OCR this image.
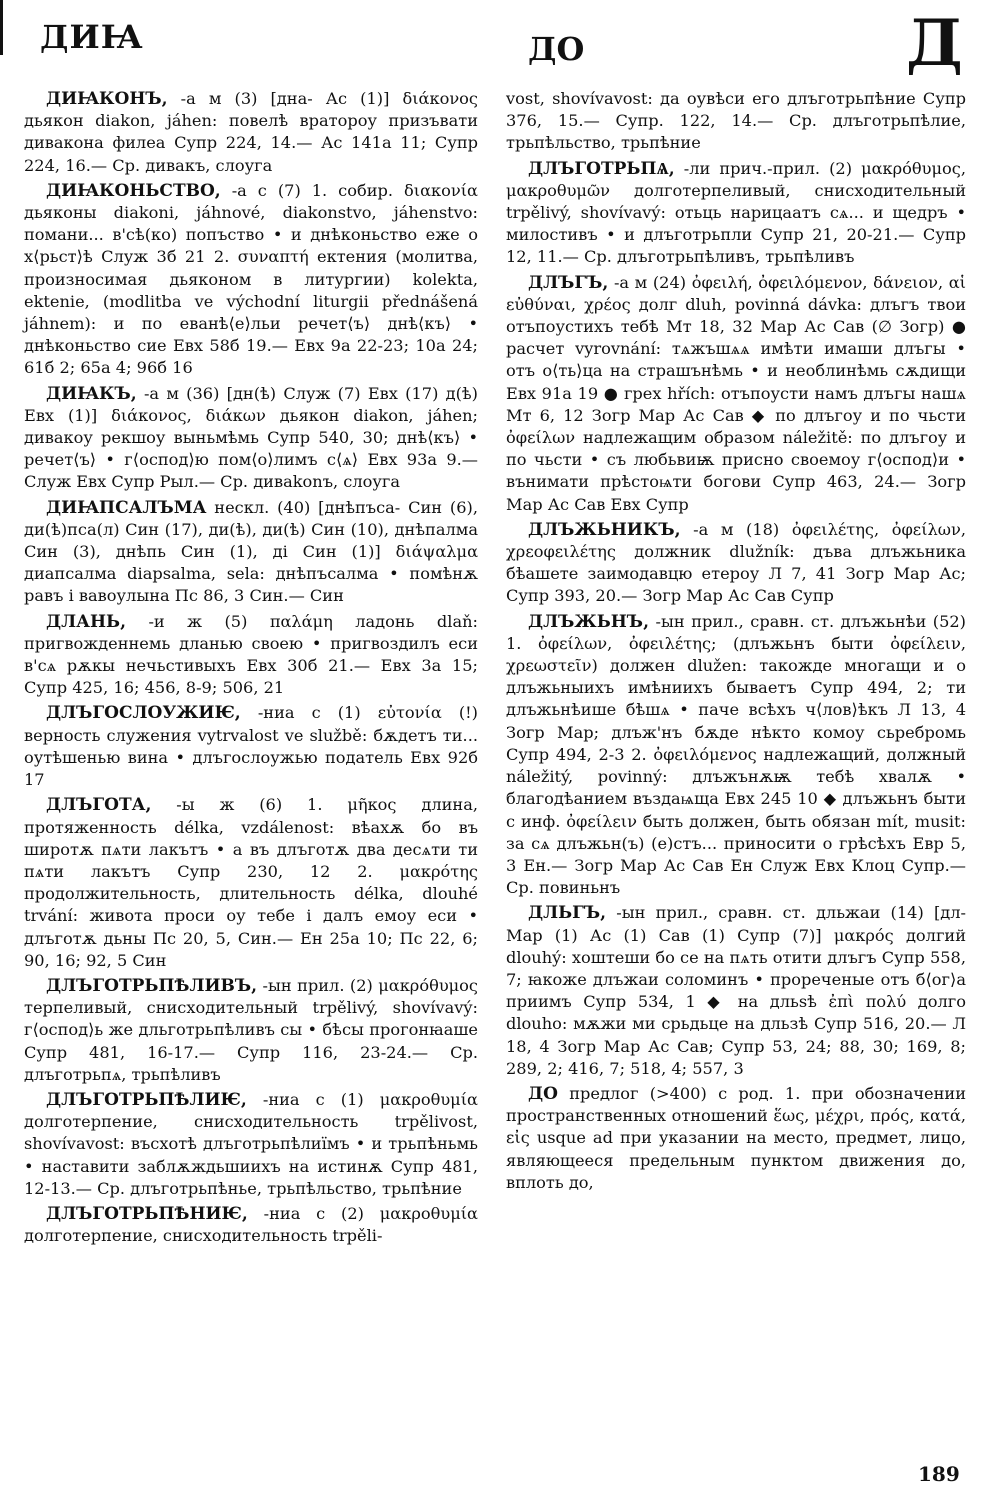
ДИꙖ	ДО	Д

ДИꙖКОНЪ, -а м (3) [дна- Ас (1)] διάκονος дьякон diakon, jáhen: повелѣ вратороу призъвати дивакона филеа Супр 224, 14.— Ас 141а 11; Супр 224, 16.— Ср. дивакъ, слоуга

ДИꙖКОНЬСТВО, -а с (7) 1. собир. διακονία дьяконы diakoni, jáhnové, diakonstvo, jáhenstvo: помани... в'сѣ(ко) попъство • и днѣконьство еже о х⟨рьст⟩ѣ Служ 3б 21 2. συναπτή ектения (молитва, произносимая дьяконом в литургии) kolekta, ektenie, (modlitba ve východní liturgii přednášená jáhnem): и по еванѣ⟨е⟩льи речет⟨ъ⟩ днѣ⟨къ⟩ • днѣконьство сие Евх 58б 19.— Евх 9а 22-23; 10а 24; 61б 2; 65а 4; 96б 16

ДИꙖКЪ, -а м (36) [дн(ѣ) Служ (7) Евх (17) д(ѣ) Евх (1)] διάκονος, διάκων дьякон diakon, jáhen; дивакоу рекшоу выньмѣмь Супр 540, 30; днѣ⟨къ⟩ • речет⟨ъ⟩ • г⟨оспод⟩ю пом⟨о⟩лимъ с⟨ѧ⟩ Евх 93а 9.— Служ Евх Супр Рыл.— Ср. дивakonъ, слоуга

ДИꙖПСАЛЪМА нескл. (40) [днѣпъса- Син (6), ди(ѣ)пса(л) Син (17), ди(ѣ), ди(ѣ) Син (10), днѣпалма Син (3), днѣпь Син (1), ді Син (1)] διάψαλμα диапсалма diapsalma, sela: днѣпъсалма • помѣнѫ равъ і вавоулына Пс 86, 3 Син.— Син

ДЛАНЬ, -и ж (5) παλάμη ладонь dlaň: пригвожденнемь дланью своею • пригвоздилъ еси в'сѧ рѫкы нечьстивыхъ Евх 30б 21.— Евх 3а 15; Супр 425, 16; 456, 8-9; 506, 21

ДЛЪГОСЛОУЖИѤ, -ниа с (1) εὐτονία (!) верность служения vytrvalost ve službě: бѫдетъ ти... оутѣшенью вина • длъгослоужью податель Евх 92б 17

ДЛЪГОТА, -ы ж (6) 1. μῆκος длина, протяженность délka, vzdálenost: вѣахѫ бо въ широтѫ пѧти лакътъ • а въ длъготѫ два десѧти ти пѧти лакътъ Супр 230, 12 2. μακρότης продолжительность, длительность délka, dlouhé trvání: живота проси оу тебе і далъ емоу еси • длъготѫ дьны Пс 20, 5, Син.— Ен 25а 10; Пс 22, 6; 90, 16; 92, 5 Син

ДЛЪГОТРЬПѢЛИВЪ, -ын прил. (2) μακρόθυμος терпеливый, снисходительный trpělivý, shovívavý: г⟨оспод⟩ь же дльготрьпѣливъ сы • бѣсы прогонꙗаше Супр 481, 16-17.— Супр 116, 23-24.— Ср. длъготрьпѧ, трьпѣливъ

ДЛЪГОТРЬПѢЛИѤ, -ниа с (1) μακροθυμία долготерпение, снисходительность trpělivost, shovívavost: въсхотѣ длъготрьпѣлиїмъ • и трьпѣньмь • наставити заблѫждьшиихъ на истинѫ Супр 481, 12-13.— Ср. длъготрьпѣнье, трьпѣльство, трьпѣние

ДЛЪГОТРЬПѢНИѤ, -ниа с (2) μακροθυμία долготерпение, снисходительность trpěli-

vost, shovívavost: да оувѣси его длъготрьпѣние Супр 376, 15.— Супр. 122, 14.— Ср. длъготрьпѣлие, трьпѣльство, трьпѣние

ДЛЪГОТРЬПѦ, -ли прич.-прил. (2) μακρόθυμος, μακροθυμῶν долготерпеливый, снисходительный trpělivý, shovívavý: отьць нарицаатъ сѧ... и щедръ • милостивъ • и длъготрьпли Супр 21, 20-21.— Супр 12, 11.— Ср. длъготрьпѣливъ, трьпѣливъ

ДЛЪГЪ, -а м (24) ὀφειλή, ὀφειλόμενον, δάνειον, αἱ εὐθύναι, χρέος долг dluh, povinná dávka: длъгъ твои отъпоустихъ тебѣ Мт 18, 32 Мар Ас Сав (∅ Зогр) ● расчет vyrovnání: тѧжъшѧѧ имѣти имаши длъгы • отъ о⟨ть⟩ца на страшънѣмь • и необлинѣмь сѫдищи Евх 91а 19 ● грех hřích: отъпоусти намъ длъгы нашѧ Мт 6, 12 Зогр Мар Ас Сав ◆ по длъгоу и по чьсти ὀφείλων надлежащим образом náležitě: по длъгоу и по чьсти • съ любьвиѭ присно своемоу г⟨оспод⟩и • вънимати прѣстоѩти богови Супр 463, 24.— Зогр Мар Ас Сав Евх Супр

ДЛЪЖЬНИКЪ, -а м (18) ὀφειλέτης, ὀφείλων, χρεοφειλέτης должник dlužník: дъва длъжьника бѣашете заимодавцю етероу Л 7, 41 Зогр Мар Ас; Супр 393, 20.— Зогр Мар Ас Сав Супр

ДЛЪЖЬНЪ, -ын прил., сравн. ст. длъжьнѣи (52) 1. ὀφείλων, ὀφειλέτης; (длъжьнъ быти ὀφείλειν, χρεωστεῖν) должен dlužen: такожде многащи и о длъжьныихъ имѣниихъ бываетъ Супр 494, 2; ти длъжьнѣише бѣшѧ • паче всѣхъ ч⟨лов⟩ѣкъ Л 13, 4 Зогр Мар; длъж'нъ бѫде нѣкто комоу сьребромь Супр 494, 2-3 2. ὀφειλόμενος надлежащий, должный náležitý, povinný: длъжънѫѭ тебѣ хвалѫ • благодѣанием въздаѩща Евх 245 10 ◆ длъжьнъ быти с инф. ὀφείλειν быть должен, быть обязан mít, musit: за сѧ длъжьн(ъ) (е)стъ... приносити о грѣсѣхъ Евр 5, 3 Ен.— Зогр Мар Ас Сав Ен Служ Евх Клоц Супр.— Ср. повиньнъ

ДЛЬГЪ, -ын прил., сравн. ст. дльжаи (14) [дл- Мар (1) Ас (1) Сав (1) Супр (7)] μακρός долгий dlouhý: хоштеши бо се на пѧть отити длъгъ Супр 558, 7; ꙗкоже длъжаи соломинъ • прореченые отъ б⟨ог⟩а приимъ Супр 534, 1 ◆ на дльѕѣ ἐπὶ πολύ долго dlouho: мѫжи ми срьдьце на дльзѣ Супр 516, 20.— Л 18, 4 Зогр Мар Ас Сав; Супр 53, 24; 88, 30; 169, 8; 289, 2; 416, 7; 518, 4; 557, 3

ДО предлог (>400) с род. 1. при обозначении пространственных отношений ἕως, μέχρι, πρός, κατά, εἰς usque ad при указании на место, предмет, лицо, являющееся предельным пунктом движения до, вплоть до,

189
